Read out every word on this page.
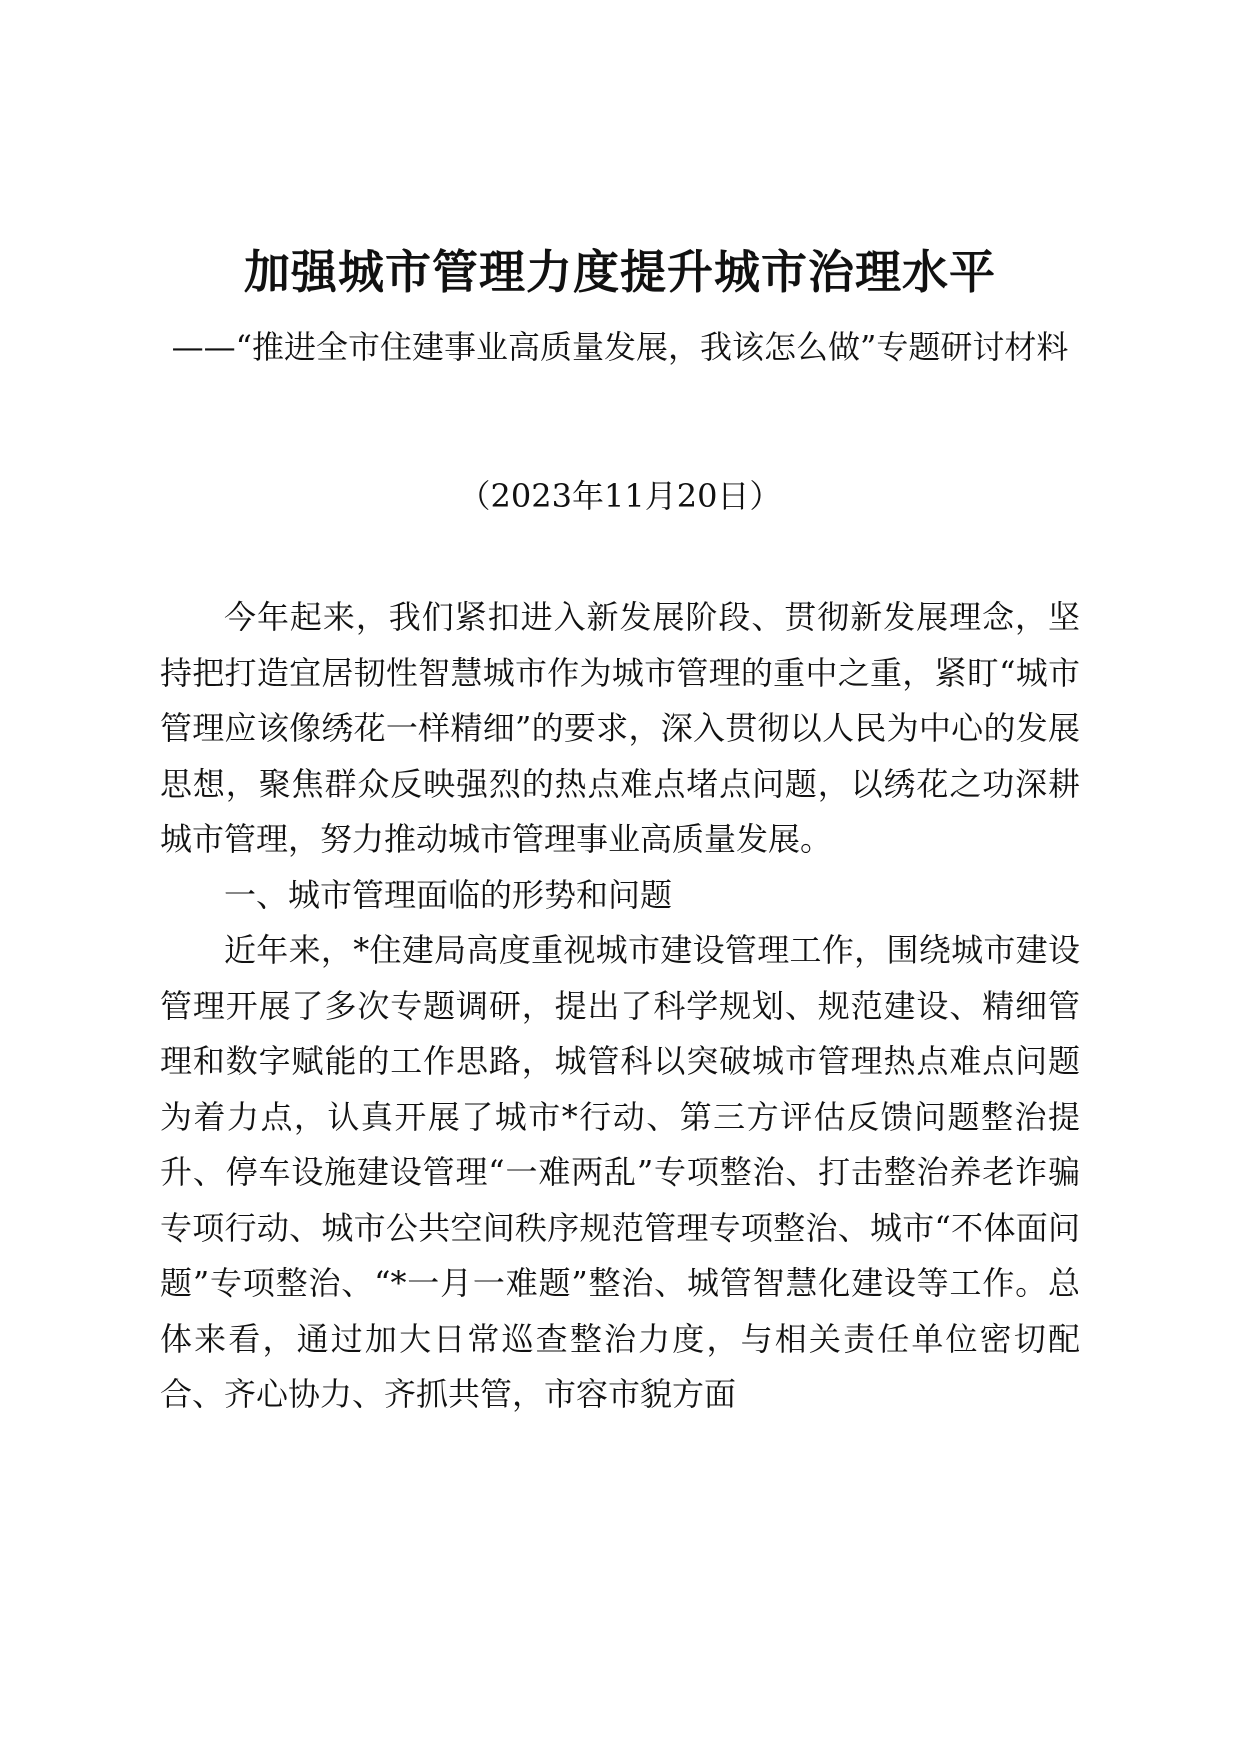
加强城市管理力度提升城市治理水平

——“推进全市住建事业高质量发展，我该怎么做”专题研讨材料

（2023年11月20日）

今年起来，我们紧扣进入新发展阶段、贯彻新发展理念，坚持把打造宜居韧性智慧城市作为城市管理的重中之重，紧盯“城市管理应该像绣花一样精细”的要求，深入贯彻以人民为中心的发展思想，聚焦群众反映强烈的热点难点堵点问题，以绣花之功深耕城市管理，努力推动城市管理事业高质量发展。

一、城市管理面临的形势和问题

近年来，*住建局高度重视城市建设管理工作，围绕城市建设管理开展了多次专题调研，提出了科学规划、规范建设、精细管理和数字赋能的工作思路，城管科以突破城市管理热点难点问题为着力点，认真开展了城市*行动、第三方评估反馈问题整治提升、停车设施建设管理“一难两乱”专项整治、打击整治养老诈骗专项行动、城市公共空间秩序规范管理专项整治、城市“不体面问题”专项整治、“*一月一难题”整治、城管智慧化建设等工作。总体来看，通过加大日常巡查整治力度，与相关责任单位密切配合、齐心协力、齐抓共管，市容市貌方面
